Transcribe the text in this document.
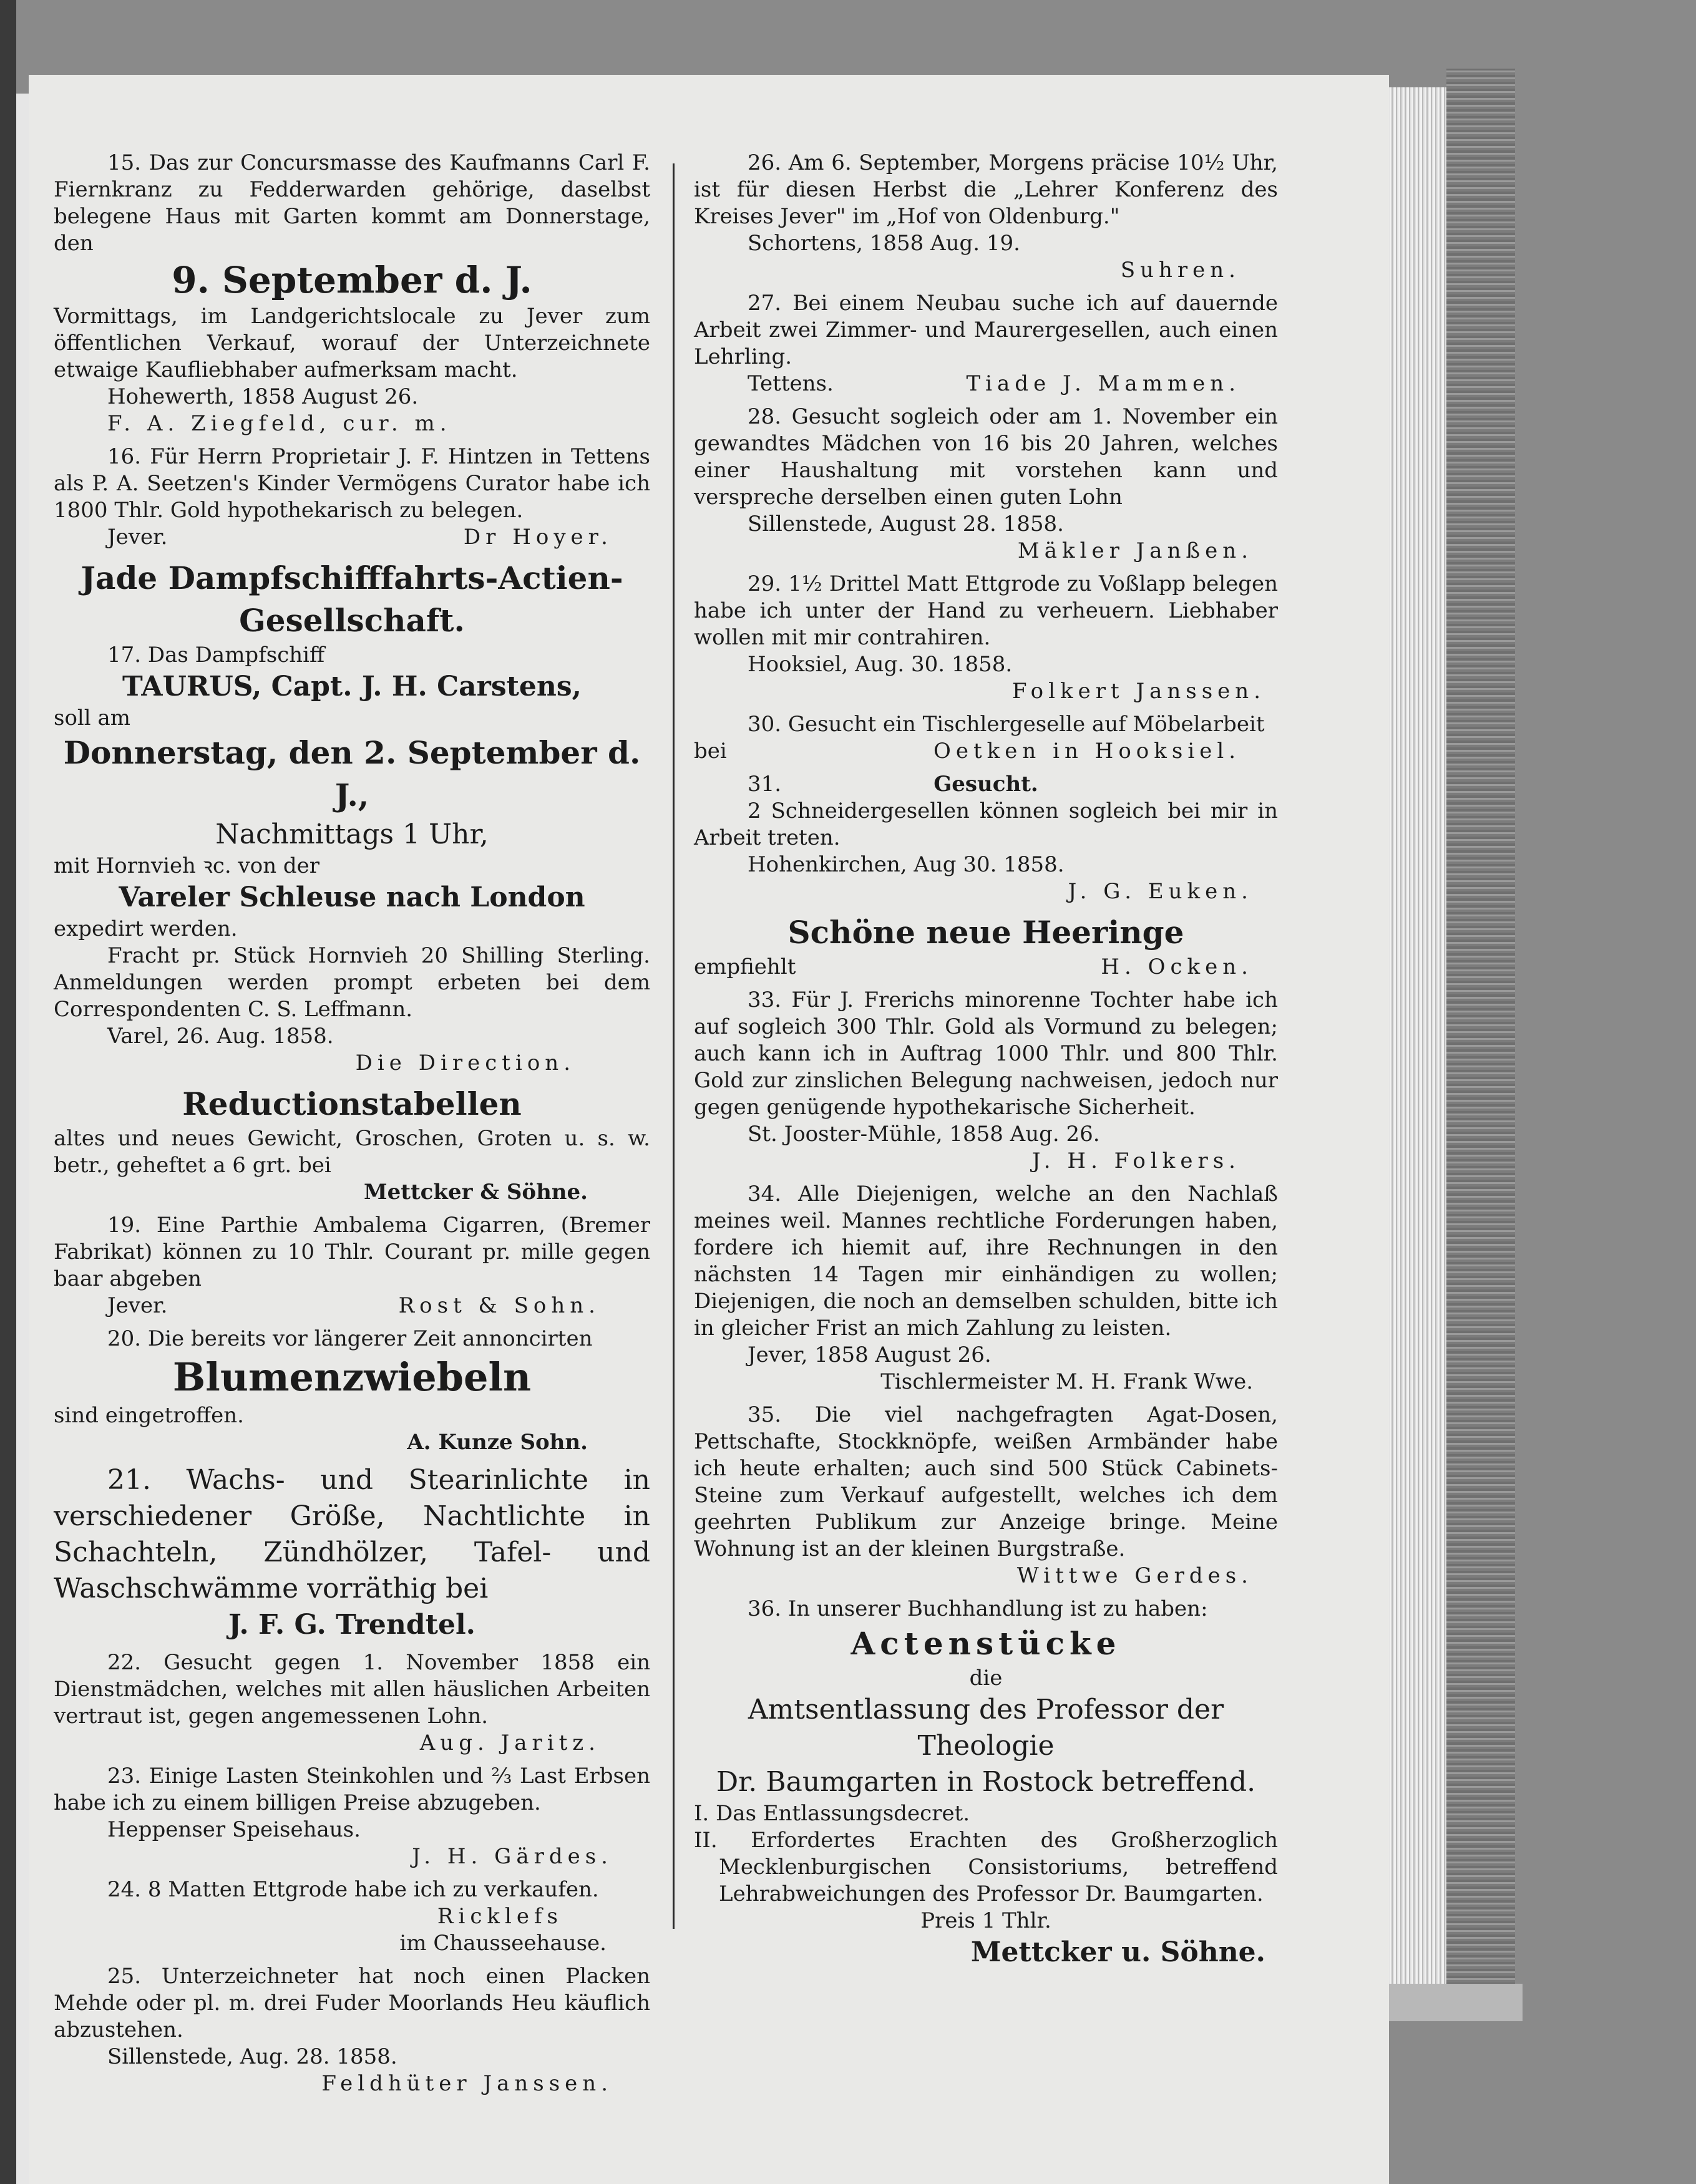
15. Das zur Concursmasse des Kaufmanns Carl F. Fiernkranz zu Fedderwarden gehörige, daselbst belegene Haus mit Garten kommt am Donnerstage, den

9. September d. J.

Vormittags, im Landgerichtslocale zu Jever zum öffentlichen Verkauf, worauf der Unterzeichnete etwaige Kaufliebhaber aufmerksam macht.

Hohewerth, 1858 August 26.

F. A. Ziegfeld, cur. m.

16. Für Herrn Proprietair J. F. Hintzen in Tettens als P. A. Seetzen's Kinder Vermögens Curator habe ich 1800 Thlr. Gold hypothekarisch zu belegen.

Jever.	Dr Hoyer.

Jade Dampfschifffahrts-Actien-Gesellschaft.

17. Das Dampfschiff

TAURUS, Capt. J. H. Carstens,

soll am

Donnerstag, den 2. September d. J.,

Nachmittags 1 Uhr,

mit Hornvieh ꝛc. von der

Vareler Schleuse nach London

expedirt werden.

Fracht pr. Stück Hornvieh 20 Shilling Sterling. Anmeldungen werden prompt erbeten bei dem Correspondenten C. S. Leffmann.

Varel, 26. Aug. 1858.

Die Direction.

Reductionstabellen

altes und neues Gewicht, Groschen, Groten u. s. w. betr., geheftet a 6 grt. bei

Mettcker & Söhne.

19. Eine Parthie Ambalema Cigarren, (Bremer Fabrikat) können zu 10 Thlr. Courant pr. mille gegen baar abgeben

Jever.	Rost & Sohn.

20. Die bereits vor längerer Zeit annoncirten

Blumenzwiebeln

sind eingetroffen.

A. Kunze Sohn.

21. Wachs- und Stearinlichte in verschiedener Größe, Nachtlichte in Schachteln, Zündhölzer, Tafel- und Waschschwämme vorräthig bei

J. F. G. Trendtel.

22. Gesucht gegen 1. November 1858 ein Dienstmädchen, welches mit allen häuslichen Arbeiten vertraut ist, gegen angemessenen Lohn.

Aug. Jaritz.

23. Einige Lasten Steinkohlen und ⅔ Last Erbsen habe ich zu einem billigen Preise abzugeben.

Heppenser Speisehaus.

J. H. Gärdes.

24. 8 Matten Ettgrode habe ich zu verkaufen.

Ricklefs

im Chausseehause.

25. Unterzeichneter hat noch einen Placken Mehde oder pl. m. drei Fuder Moorlands Heu käuflich abzustehen.

Sillenstede, Aug. 28. 1858.

Feldhüter Janssen.

26. Am 6. September, Morgens präcise 10½ Uhr, ist für diesen Herbst die „Lehrer Konferenz des Kreises Jever" im „Hof von Oldenburg."

Schortens, 1858 Aug. 19.

Suhren.

27. Bei einem Neubau suche ich auf dauernde Arbeit zwei Zimmer- und Maurergesellen, auch einen Lehrling.

Tettens.	Tiade J. Mammen.

28. Gesucht sogleich oder am 1. November ein gewandtes Mädchen von 16 bis 20 Jahren, welches einer Haushaltung mit vorstehen kann und verspreche derselben einen guten Lohn

Sillenstede, August 28. 1858.

Mäkler Janßen.

29. 1½ Drittel Matt Ettgrode zu Voßlapp belegen habe ich unter der Hand zu verheuern. Liebhaber wollen mit mir contrahiren.

Hooksiel, Aug. 30. 1858.

Folkert Janssen.

30. Gesucht ein Tischlergeselle auf Möbelarbeit

bei	Oetken in Hooksiel.

31.	Gesucht.

2 Schneidergesellen können sogleich bei mir in Arbeit treten.

Hohenkirchen, Aug 30. 1858.

J. G. Euken.

Schöne neue Heeringe

empfiehlt	H. Ocken.

33. Für J. Frerichs minorenne Tochter habe ich auf sogleich 300 Thlr. Gold als Vormund zu belegen; auch kann ich in Auftrag 1000 Thlr. und 800 Thlr. Gold zur zinslichen Belegung nachweisen, jedoch nur gegen genügende hypothekarische Sicherheit.

St. Jooster-Mühle, 1858 Aug. 26.

J. H. Folkers.

34. Alle Diejenigen, welche an den Nachlaß meines weil. Mannes rechtliche Forderungen haben, fordere ich hiemit auf, ihre Rechnungen in den nächsten 14 Tagen mir einhändigen zu wollen; Diejenigen, die noch an demselben schulden, bitte ich in gleicher Frist an mich Zahlung zu leisten.

Jever, 1858 August 26.

Tischlermeister M. H. Frank Wwe.

35. Die viel nachgefragten Agat-Dosen, Pettschafte, Stockknöpfe, weißen Armbänder habe ich heute erhalten; auch sind 500 Stück Cabinets-Steine zum Verkauf aufgestellt, welches ich dem geehrten Publikum zur Anzeige bringe. Meine Wohnung ist an der kleinen Burgstraße.

Wittwe Gerdes.

36. In unserer Buchhandlung ist zu haben:

Actenstücke

die

Amtsentlassung des Professor der Theologie

Dr. Baumgarten in Rostock betreffend.

I. Das Entlassungsdecret.

II. Erfordertes Erachten des Großherzoglich Mecklenburgischen Consistoriums, betreffend Lehrabweichungen des Professor Dr. Baumgarten.

Preis 1 Thlr.

Mettcker u. Söhne.
